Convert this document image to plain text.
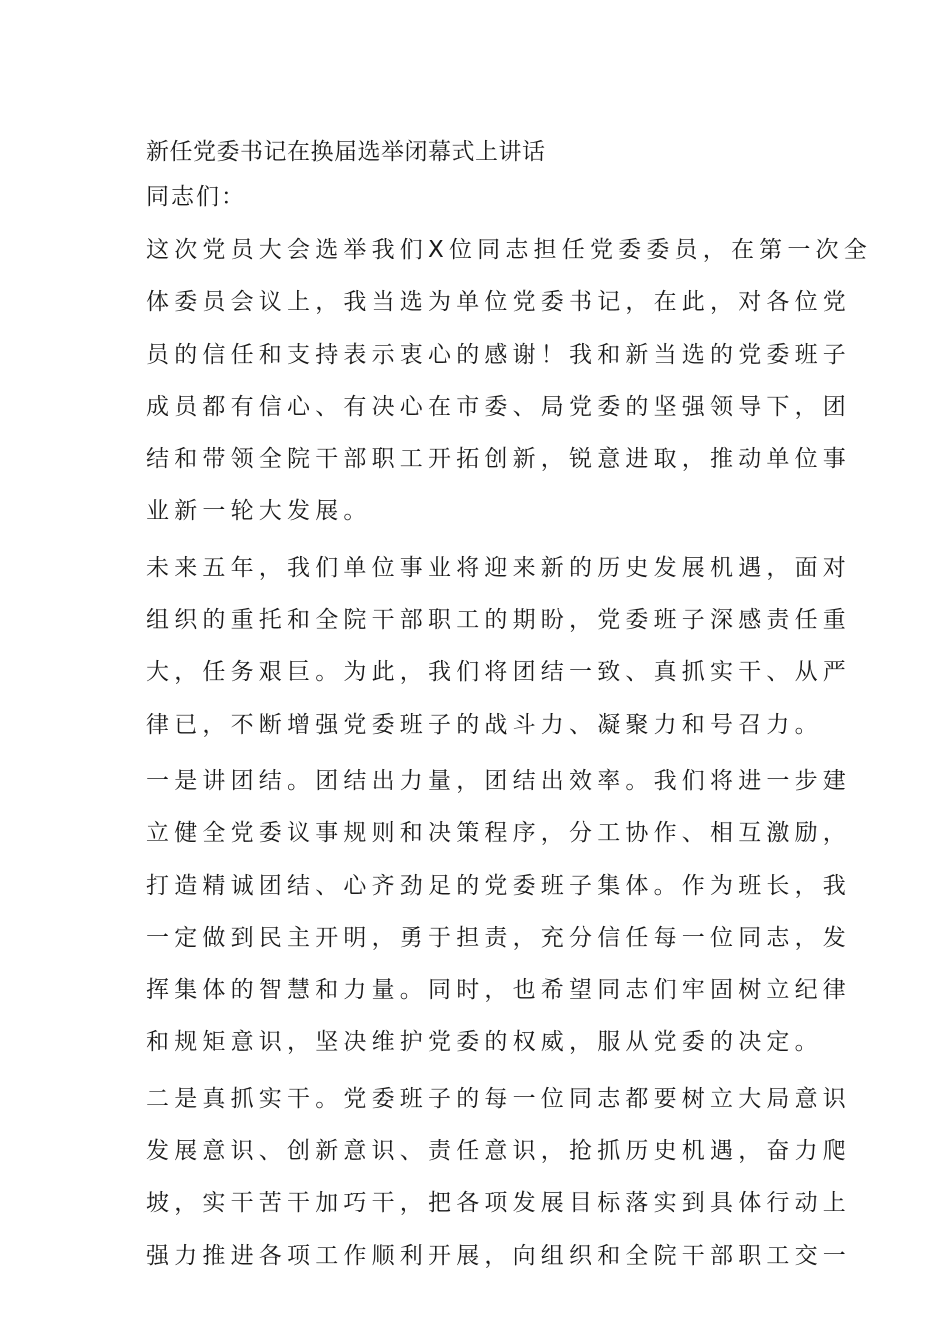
新任党委书记在换届选举闭幕式上讲话

同志们：

这次党员大会选举我们X位同志担任党委委员，在第一次全
体委员会议上，我当选为单位党委书记，在此，对各位党
员的信任和支持表示衷心的感谢！我和新当选的党委班子
成员都有信心、有决心在市委、局党委的坚强领导下，团
结和带领全院干部职工开拓创新，锐意进取，推动单位事
业新一轮大发展。
未来五年，我们单位事业将迎来新的历史发展机遇，面对
组织的重托和全院干部职工的期盼，党委班子深感责任重
大，任务艰巨。为此，我们将团结一致、真抓实干、从严
律已，不断增强党委班子的战斗力、凝聚力和号召力。
一是讲团结。团结出力量，团结出效率。我们将进一步建
立健全党委议事规则和决策程序，分工协作、相互激励，
打造精诚团结、心齐劲足的党委班子集体。作为班长，我
一定做到民主开明，勇于担责，充分信任每一位同志，发
挥集体的智慧和力量。同时，也希望同志们牢固树立纪律
和规矩意识，坚决维护党委的权威，服从党委的决定。
二是真抓实干。党委班子的每一位同志都要树立大局意识
发展意识、创新意识、责任意识，抢抓历史机遇，奋力爬
坡，实干苦干加巧干，把各项发展目标落实到具体行动上
强力推进各项工作顺利开展，向组织和全院干部职工交一
